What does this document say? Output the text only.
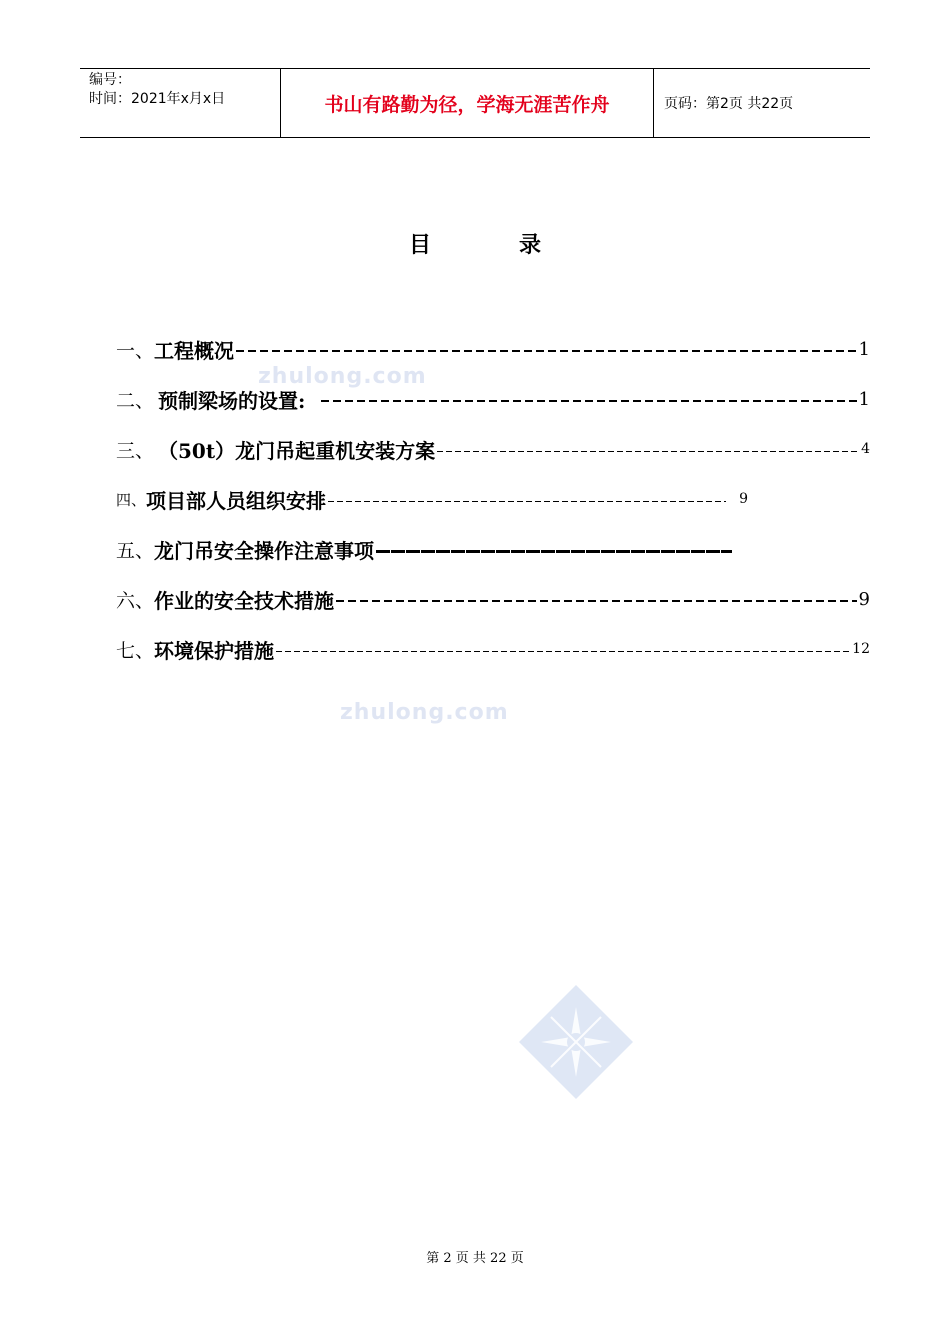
编号：
时间：2021年x月x日	书山有路勤为径，学海无涯苦作舟	页码：第2页 共22页
目录
zhulong.com
zhulong.com
一、 工程概况	1
二、 预制梁场的设置:	1
三、 （50t）龙门吊起重机安装方案	4
四、 项目部人员组织安排	9
五、 龙门吊安全操作注意事项
六、 作业的安全技术措施	9
七、 环境保护措施	12
第 2 页 共 22 页
